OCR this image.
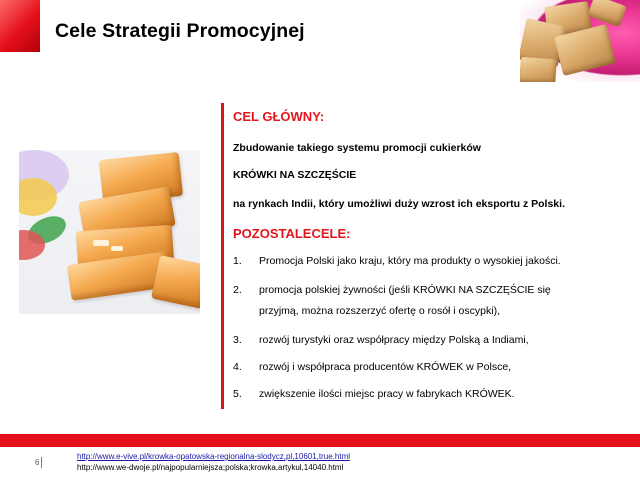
Cele Strategii Promocyjnej
CEL GŁÓWNY:
Zbudowanie takiego systemu promocji cukierków
KRÓWKI NA SZCZĘŚCIE
na rynkach Indii, który umożliwi duży wzrost ich eksportu z Polski.
POZOSTALECELE:
1. Promocja Polski jako kraju, który ma produkty o wysokiej jakości.
2. promocja polskiej żywności (jeśli KRÓWKI NA SZCZĘŚCIE się
przyjmą, można rozszerzyć ofertę o rosół i oscypki),
3. rozwój turystyki oraz współpracy między Polską a Indiami,
4. rozwój i współpraca producentów KRÓWEK w Polsce,
5. zwiększenie ilości miejsc pracy w fabrykach KRÓWEK.
6
http://www.e-vive.pl/krowka-opatowska-regionalna-slodycz,pl,10601,true.html
http://www.we-dwoje.pl/najpopularniejsza;polska;krowka,artykul,14040.html
